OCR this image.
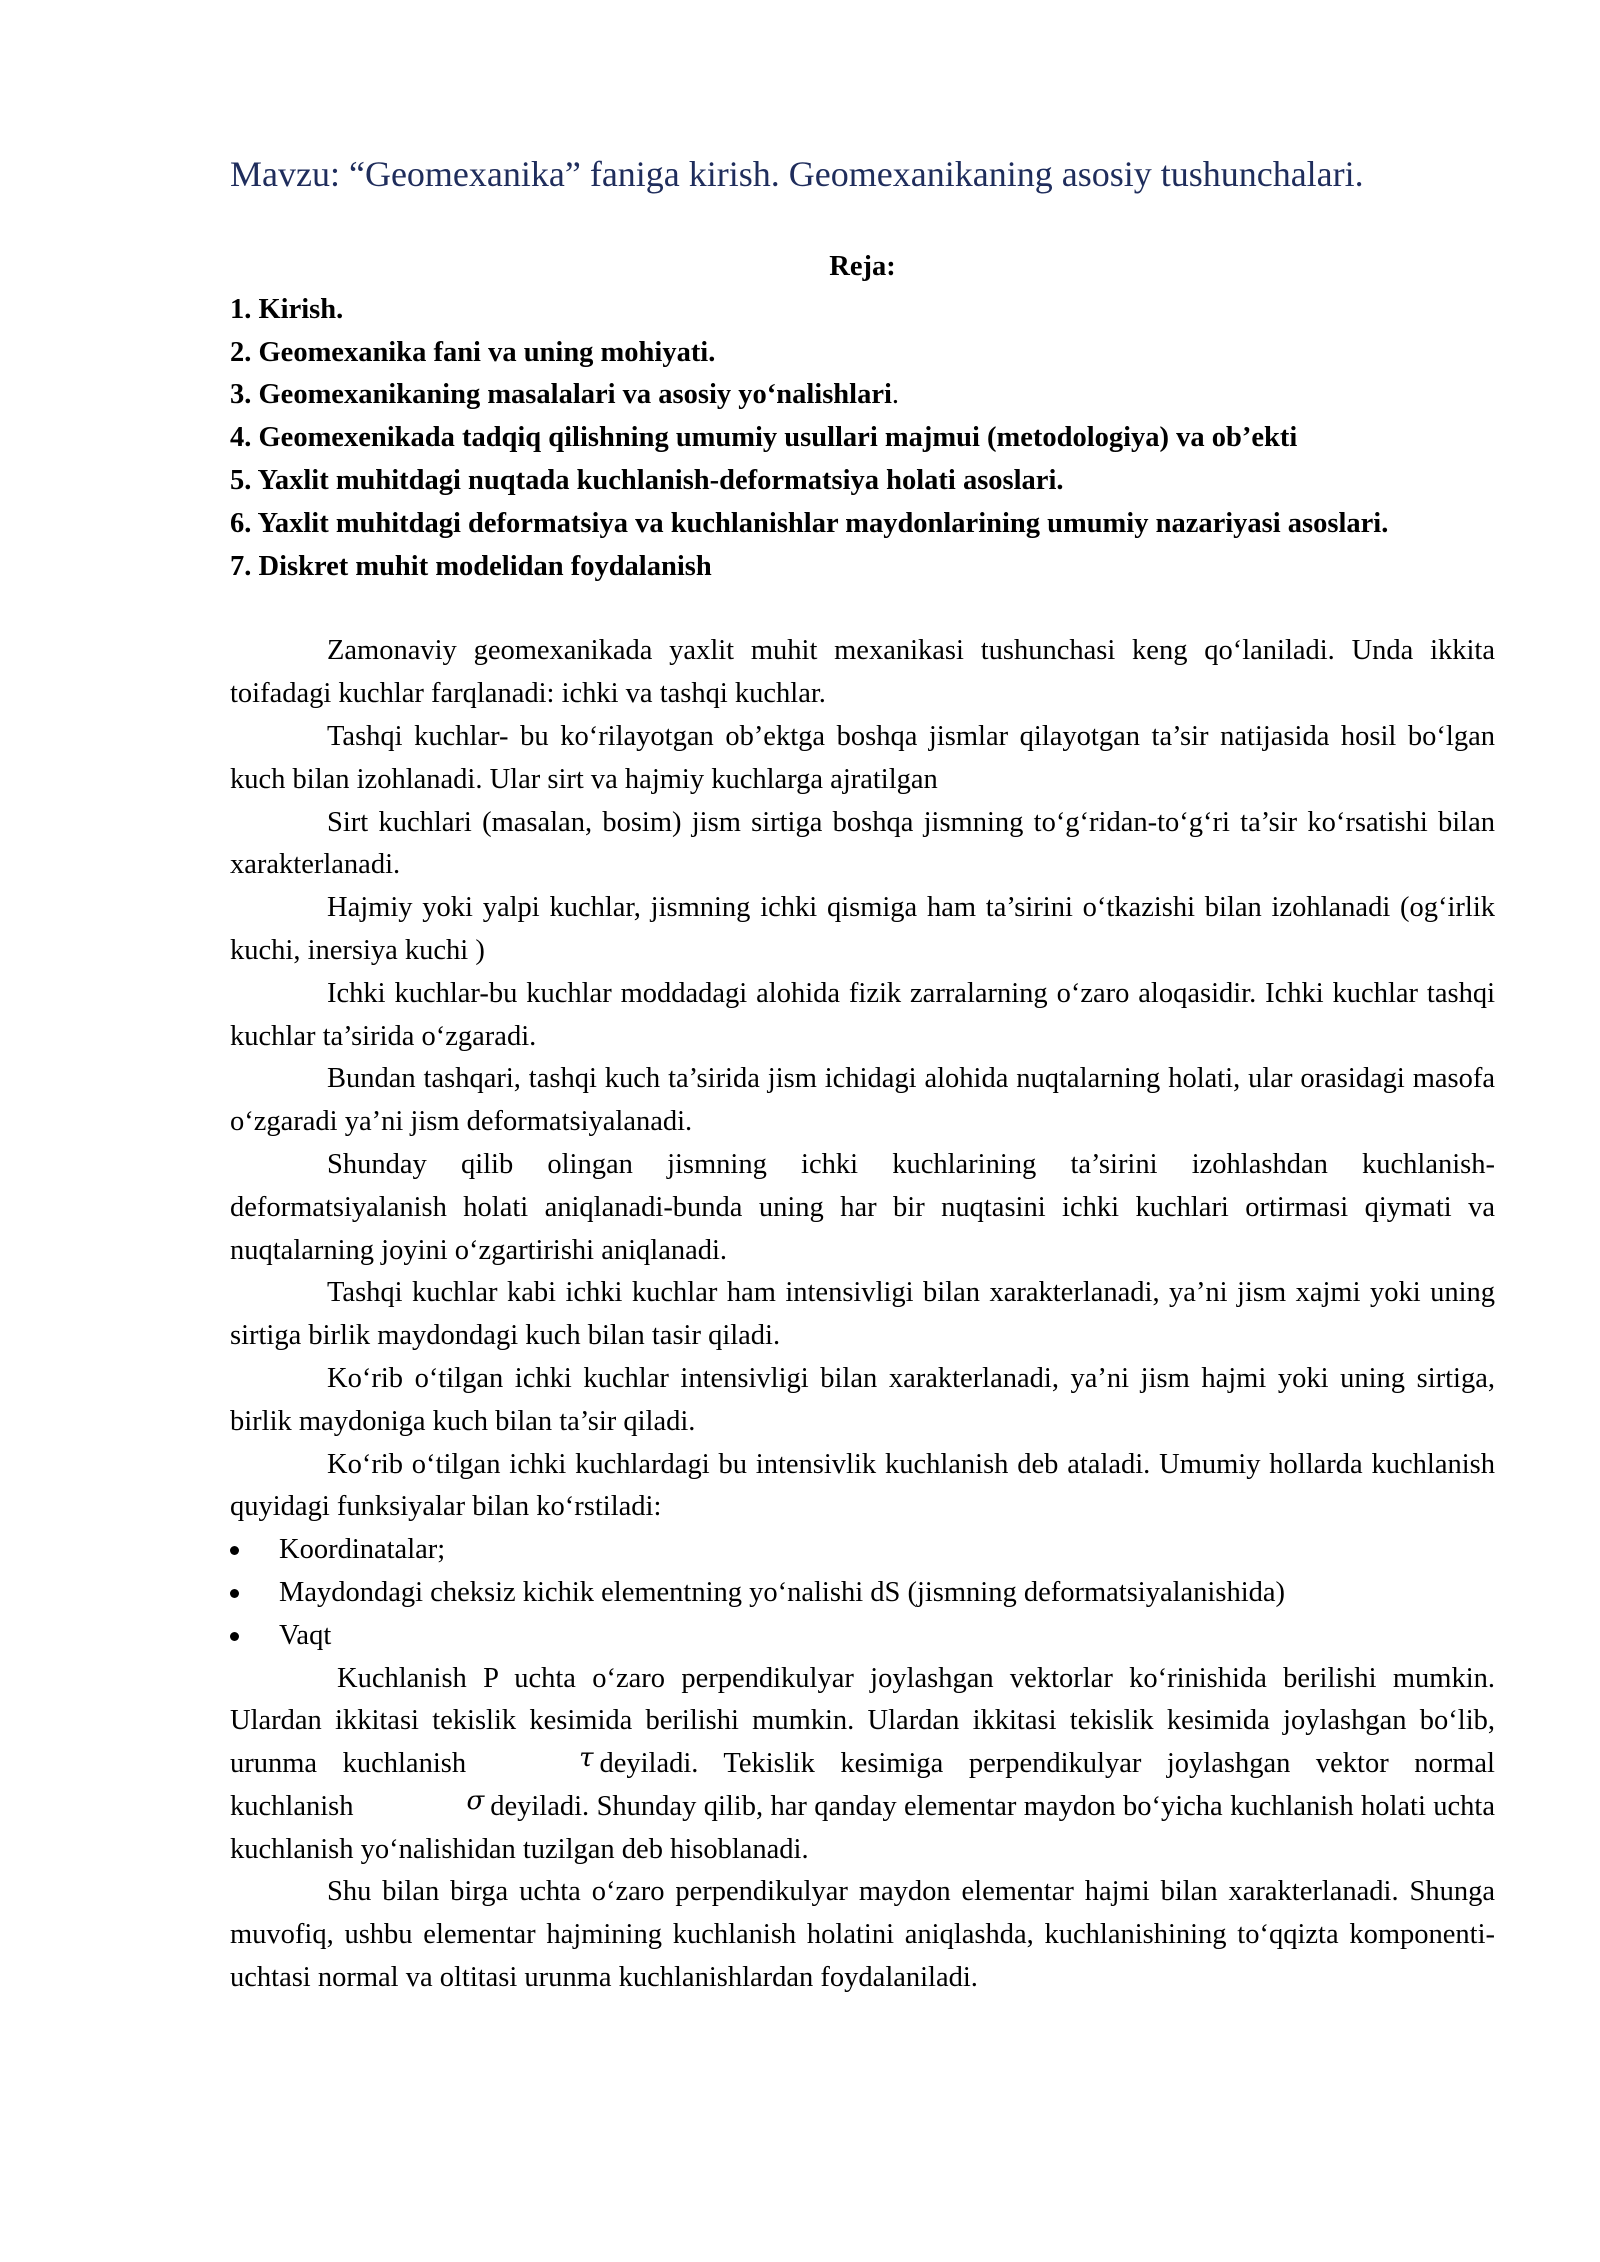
Mavzu: “Geomexanika” faniga kirish. Geomexanikaning asosiy tushunchalari.
Reja:
1. Kirish.
2. Geomexanika fani va uning mohiyati.
3. Geomexanikaning masalalari va asosiy yo‘nalishlari.
4. Geomexenikada tadqiq qilishning umumiy usullari majmui (metodologiya) va ob’ekti
5. Yaxlit muhitdagi nuqtada kuchlanish-deformatsiya holati asoslari.
6. Yaxlit muhitdagi deformatsiya va kuchlanishlar maydonlarining umumiy nazariyasi asoslari.
7. Diskret muhit modelidan foydalanish

Zamonaviy geomexanikada yaxlit muhit mexanikasi tushunchasi keng qo‘laniladi. Unda ikkita toifadagi kuchlar farqlanadi: ichki va tashqi kuchlar.

Tashqi kuchlar- bu ko‘rilayotgan ob’ektga boshqa jismlar qilayotgan ta’sir natijasida hosil bo‘lgan kuch bilan izohlanadi. Ular sirt va hajmiy kuchlarga ajratilgan

Sirt kuchlari (masalan, bosim) jism sirtiga boshqa jismning to‘g‘ridan-to‘g‘ri ta’sir ko‘rsatishi bilan xarakterlanadi.

Hajmiy yoki yalpi kuchlar, jismning ichki qismiga ham ta’sirini o‘tkazishi bilan izohlanadi (og‘irlik kuchi, inersiya kuchi )

Ichki kuchlar-bu kuchlar moddadagi alohida fizik zarralarning o‘zaro aloqasidir. Ichki kuchlar tashqi kuchlar ta’sirida o‘zgaradi.

Bundan tashqari, tashqi kuch ta’sirida jism ichidagi alohida nuqtalarning holati, ular orasidagi masofa o‘zgaradi ya’ni jism deformatsiyalanadi.

Shunday qilib olingan jismning ichki kuchlarining ta’sirini izohlashdan kuchlanish-deformatsiyalanish holati aniqlanadi-bunda uning har bir nuqtasini ichki kuchlari ortirmasi qiymati va nuqtalarning joyini o‘zgartirishi aniqlanadi.

Tashqi kuchlar kabi ichki kuchlar ham intensivligi bilan xarakterlanadi, ya’ni jism xajmi yoki uning sirtiga birlik maydondagi kuch bilan tasir qiladi.

Ko‘rib o‘tilgan ichki kuchlar intensivligi bilan xarakterlanadi, ya’ni jism hajmi yoki uning sirtiga, birlik maydoniga kuch bilan ta’sir qiladi.

Ko‘rib o‘tilgan ichki kuchlardagi bu intensivlik kuchlanish deb ataladi. Umumiy hollarda kuchlanish quyidagi funksiyalar bilan ko‘rstiladi:

Koordinatalar;
Maydondagi cheksiz kichik elementning yo‘nalishi dS (jismning deformatsiyalanishida)
Vaqt

Kuchlanish P uchta o‘zaro perpendikulyar joylashgan vektorlar ko‘rinishida berilishi mumkin. Ulardan ikkitasi tekislik kesimida berilishi mumkin. Ulardan ikkitasi tekislik kesimida joylashgan bo‘lib, urunma kuchlanish	τ deyiladi. Tekislik kesimiga perpendikulyar joylashgan vektor normal kuchlanish	σ deyiladi. Shunday qilib, har qanday elementar maydon bo‘yicha kuchlanish holati uchta kuchlanish yo‘nalishidan tuzilgan deb hisoblanadi.

Shu bilan birga uchta o‘zaro perpendikulyar maydon elementar hajmi bilan xarakterlanadi. Shunga muvofiq, ushbu elementar hajmining kuchlanish holatini aniqlashda, kuchlanishining to‘qqizta komponenti-uchtasi normal va oltitasi urunma kuchlanishlardan foydalaniladi.
